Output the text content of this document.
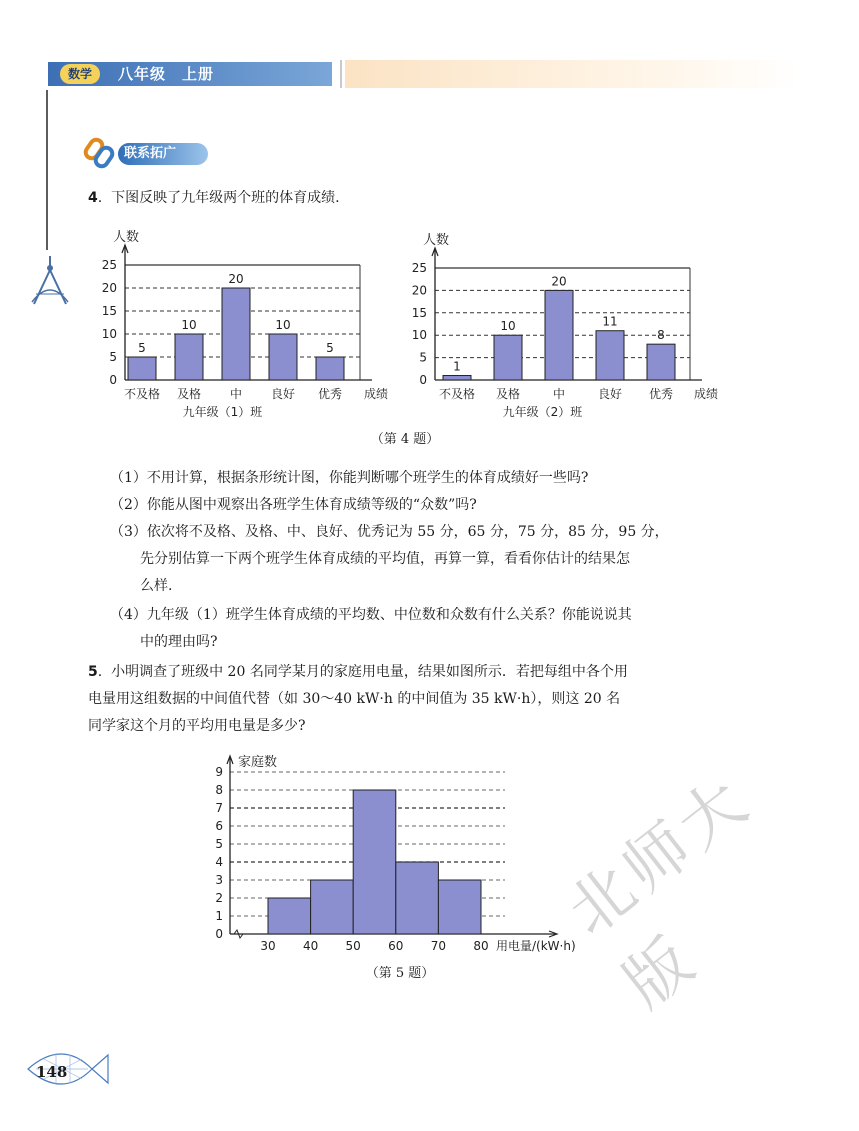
数学	八年级　上册
联系拓广
4.  下图反映了九年级两个班的体育成绩.
0
5
10
15
20
25
人数
5
不及格
10
及格
20
中
10
良好
5
优秀 成绩
九年级（1）班
0
5
10
15
20
25
人数
1
不及格
10
及格
20
中
11
良好
8
优秀 成绩
九年级（2）班
（第 4 题）
（1）不用计算，根据条形统计图，你能判断哪个班学生的体育成绩好一些吗?
（2）你能从图中观察出各班学生体育成绩等级的“众数”吗?
（3）依次将不及格、及格、中、良好、优秀记为 55 分，65 分，75 分，85 分，95 分，
先分别估算一下两个班学生体育成绩的平均值，再算一算，看看你估计的结果怎
么样.
（4）九年级（1）班学生体育成绩的平均数、中位数和众数有什么关系？你能说说其
中的理由吗?
5.  小明调查了班级中 20 名同学某月的家庭用电量，结果如图所示．若把每组中各个用
电量用这组数据的中间值代替（如 30～40 kW·h 的中间值为 35 kW·h），则这 20 名
同学家这个月的平均用电量是多少?
0
1
2
3
4
5
6
7
8
9
家庭数
30 40 50 60 70 80 用电量/(kW·h)
（第 5 题）
148
北师大版
